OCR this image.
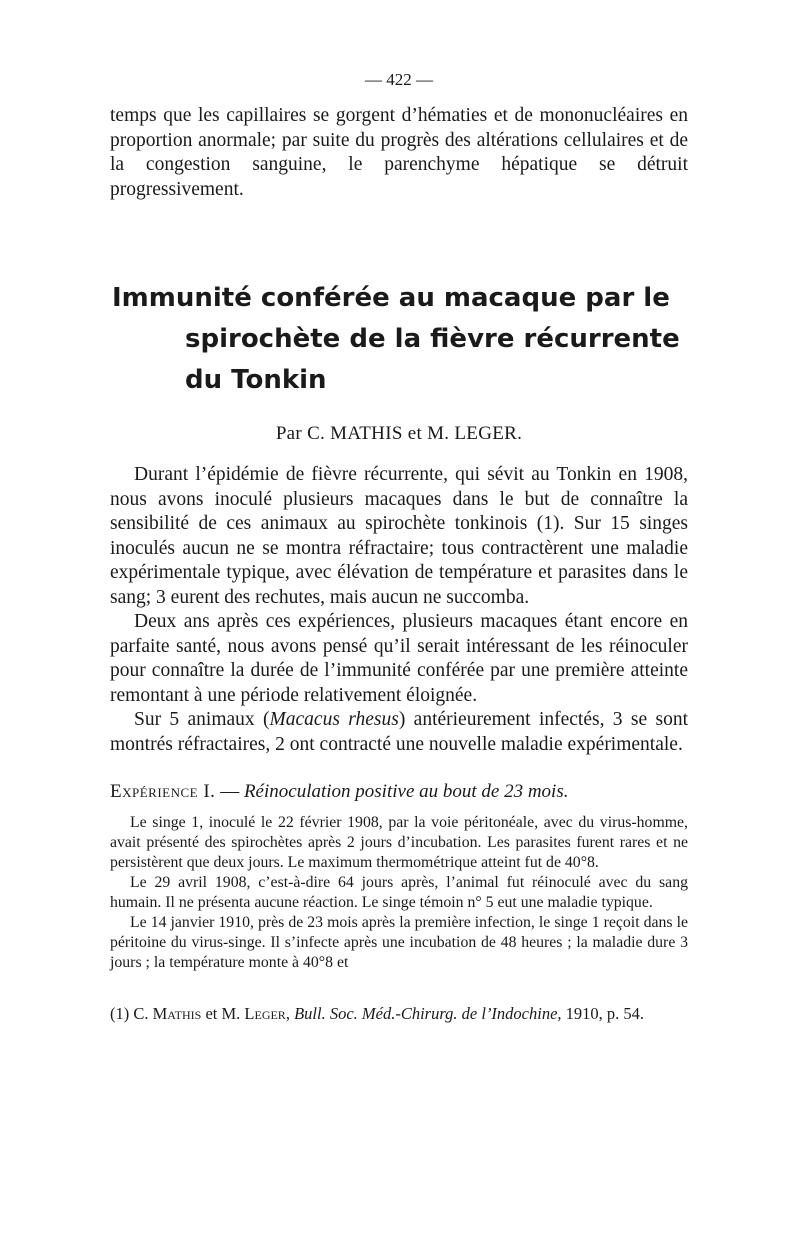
— 422 —

temps que les capillaires se gorgent d’hématies et de mononucléaires en proportion anormale; par suite du progrès des altérations cellulaires et de la congestion sanguine, le parenchyme hépatique se détruit progressivement.

Immunité conférée au macaque par le
spirochète de la fièvre récurrente du Tonkin
Par C. MATHIS et M. LEGER.

Durant l’épidémie de fièvre récurrente, qui sévit au Tonkin en 1908, nous avons inoculé plusieurs macaques dans le but de connaître la sensibilité de ces animaux au spirochète tonkinois (1). Sur 15 singes inoculés aucun ne se montra réfractaire; tous contractèrent une maladie expérimentale typique, avec élévation de température et parasites dans le sang; 3 eurent des rechutes, mais aucun ne succomba.

Deux ans après ces expériences, plusieurs macaques étant encore en parfaite santé, nous avons pensé qu’il serait intéressant de les réinoculer pour connaître la durée de l’immunité conférée par une première atteinte remontant à une période relativement éloignée.

Sur 5 animaux (Macacus rhesus) antérieurement infectés, 3 se sont montrés réfractaires, 2 ont contracté une nouvelle maladie expérimentale.

Expérience I. — Réinoculation positive au bout de 23 mois.

Le singe 1, inoculé le 22 février 1908, par la voie péritonéale, avec du virus-homme, avait présenté des spirochètes après 2 jours d’incubation. Les parasites furent rares et ne persistèrent que deux jours. Le maximum thermométrique atteint fut de 40°8.

Le 29 avril 1908, c’est-à-dire 64 jours après, l’animal fut réinoculé avec du sang humain. Il ne présenta aucune réaction. Le singe témoin n° 5 eut une maladie typique.

Le 14 janvier 1910, près de 23 mois après la première infection, le singe 1 reçoit dans le péritoine du virus-singe. Il s’infecte après une incubation de 48 heures ; la maladie dure 3 jours ; la température monte à 40°8 et

(1) C. Mathis et M. Leger, Bull. Soc. Méd.-Chirurg. de l’Indochine, 1910, p. 54.
